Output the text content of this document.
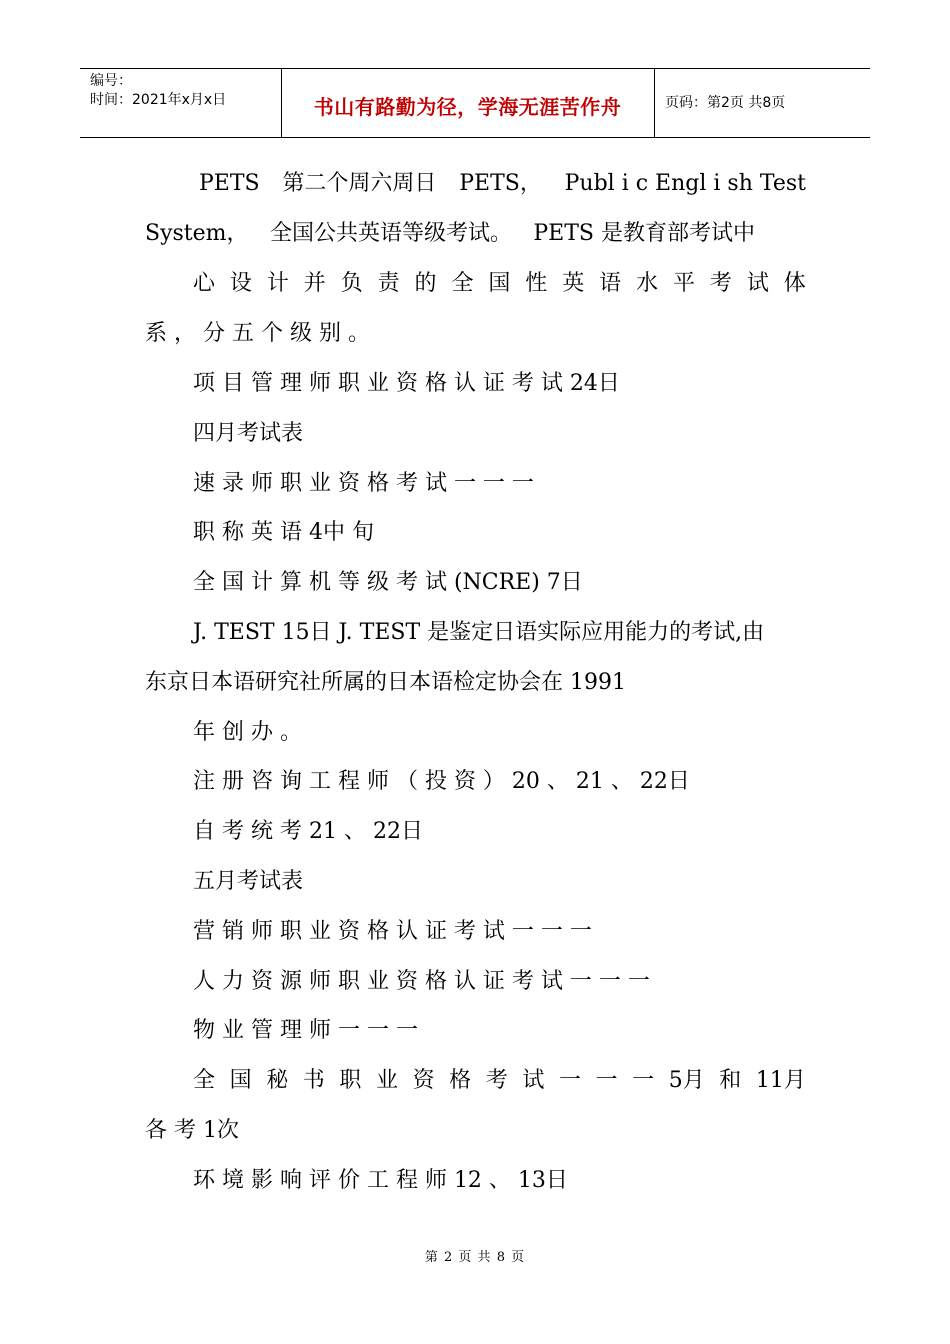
编号：
时间：2021年x月x日	书山有路勤为径，学海无涯苦作舟	页码：第2页 共8页
PETS 第二个周六周日 PETS， Publ i c Engl i sh Test
System， 全国公共英语等级考试。 PETS 是教育部考试中
心 设 计 并 负 责 的 全 国 性 英 语 水 平 考 试 体
系 ， 分 五 个 级 别 。
项 目 管 理 师 职 业 资 格 认 证 考 试 24日
四月考试表
速 录 师 职 业 资 格 考 试 一 一 一
职 称 英 语 4中 旬
全 国 计 算 机 等 级 考 试 (NCRE) 7日
J. TEST 15日 J. TEST 是鉴定日语实际应用能力的考试,由
东京日本语研究社所属的日本语检定协会在 1991
年 创 办 。
注 册 咨 询 工 程 师 （ 投 资 ） 20 、 21 、 22日
自 考 统 考 21 、 22日
五月考试表
营 销 师 职 业 资 格 认 证 考 试 一 一 一
人 力 资 源 师 职 业 资 格 认 证 考 试 一 一 一
物 业 管 理 师 一 一 一
全 国 秘 书 职 业 资 格 考 试 一 一 一 5月 和 11月
各 考 1次
环 境 影 响 评 价 工 程 师 12 、 13日
第 2 页 共 8 页
